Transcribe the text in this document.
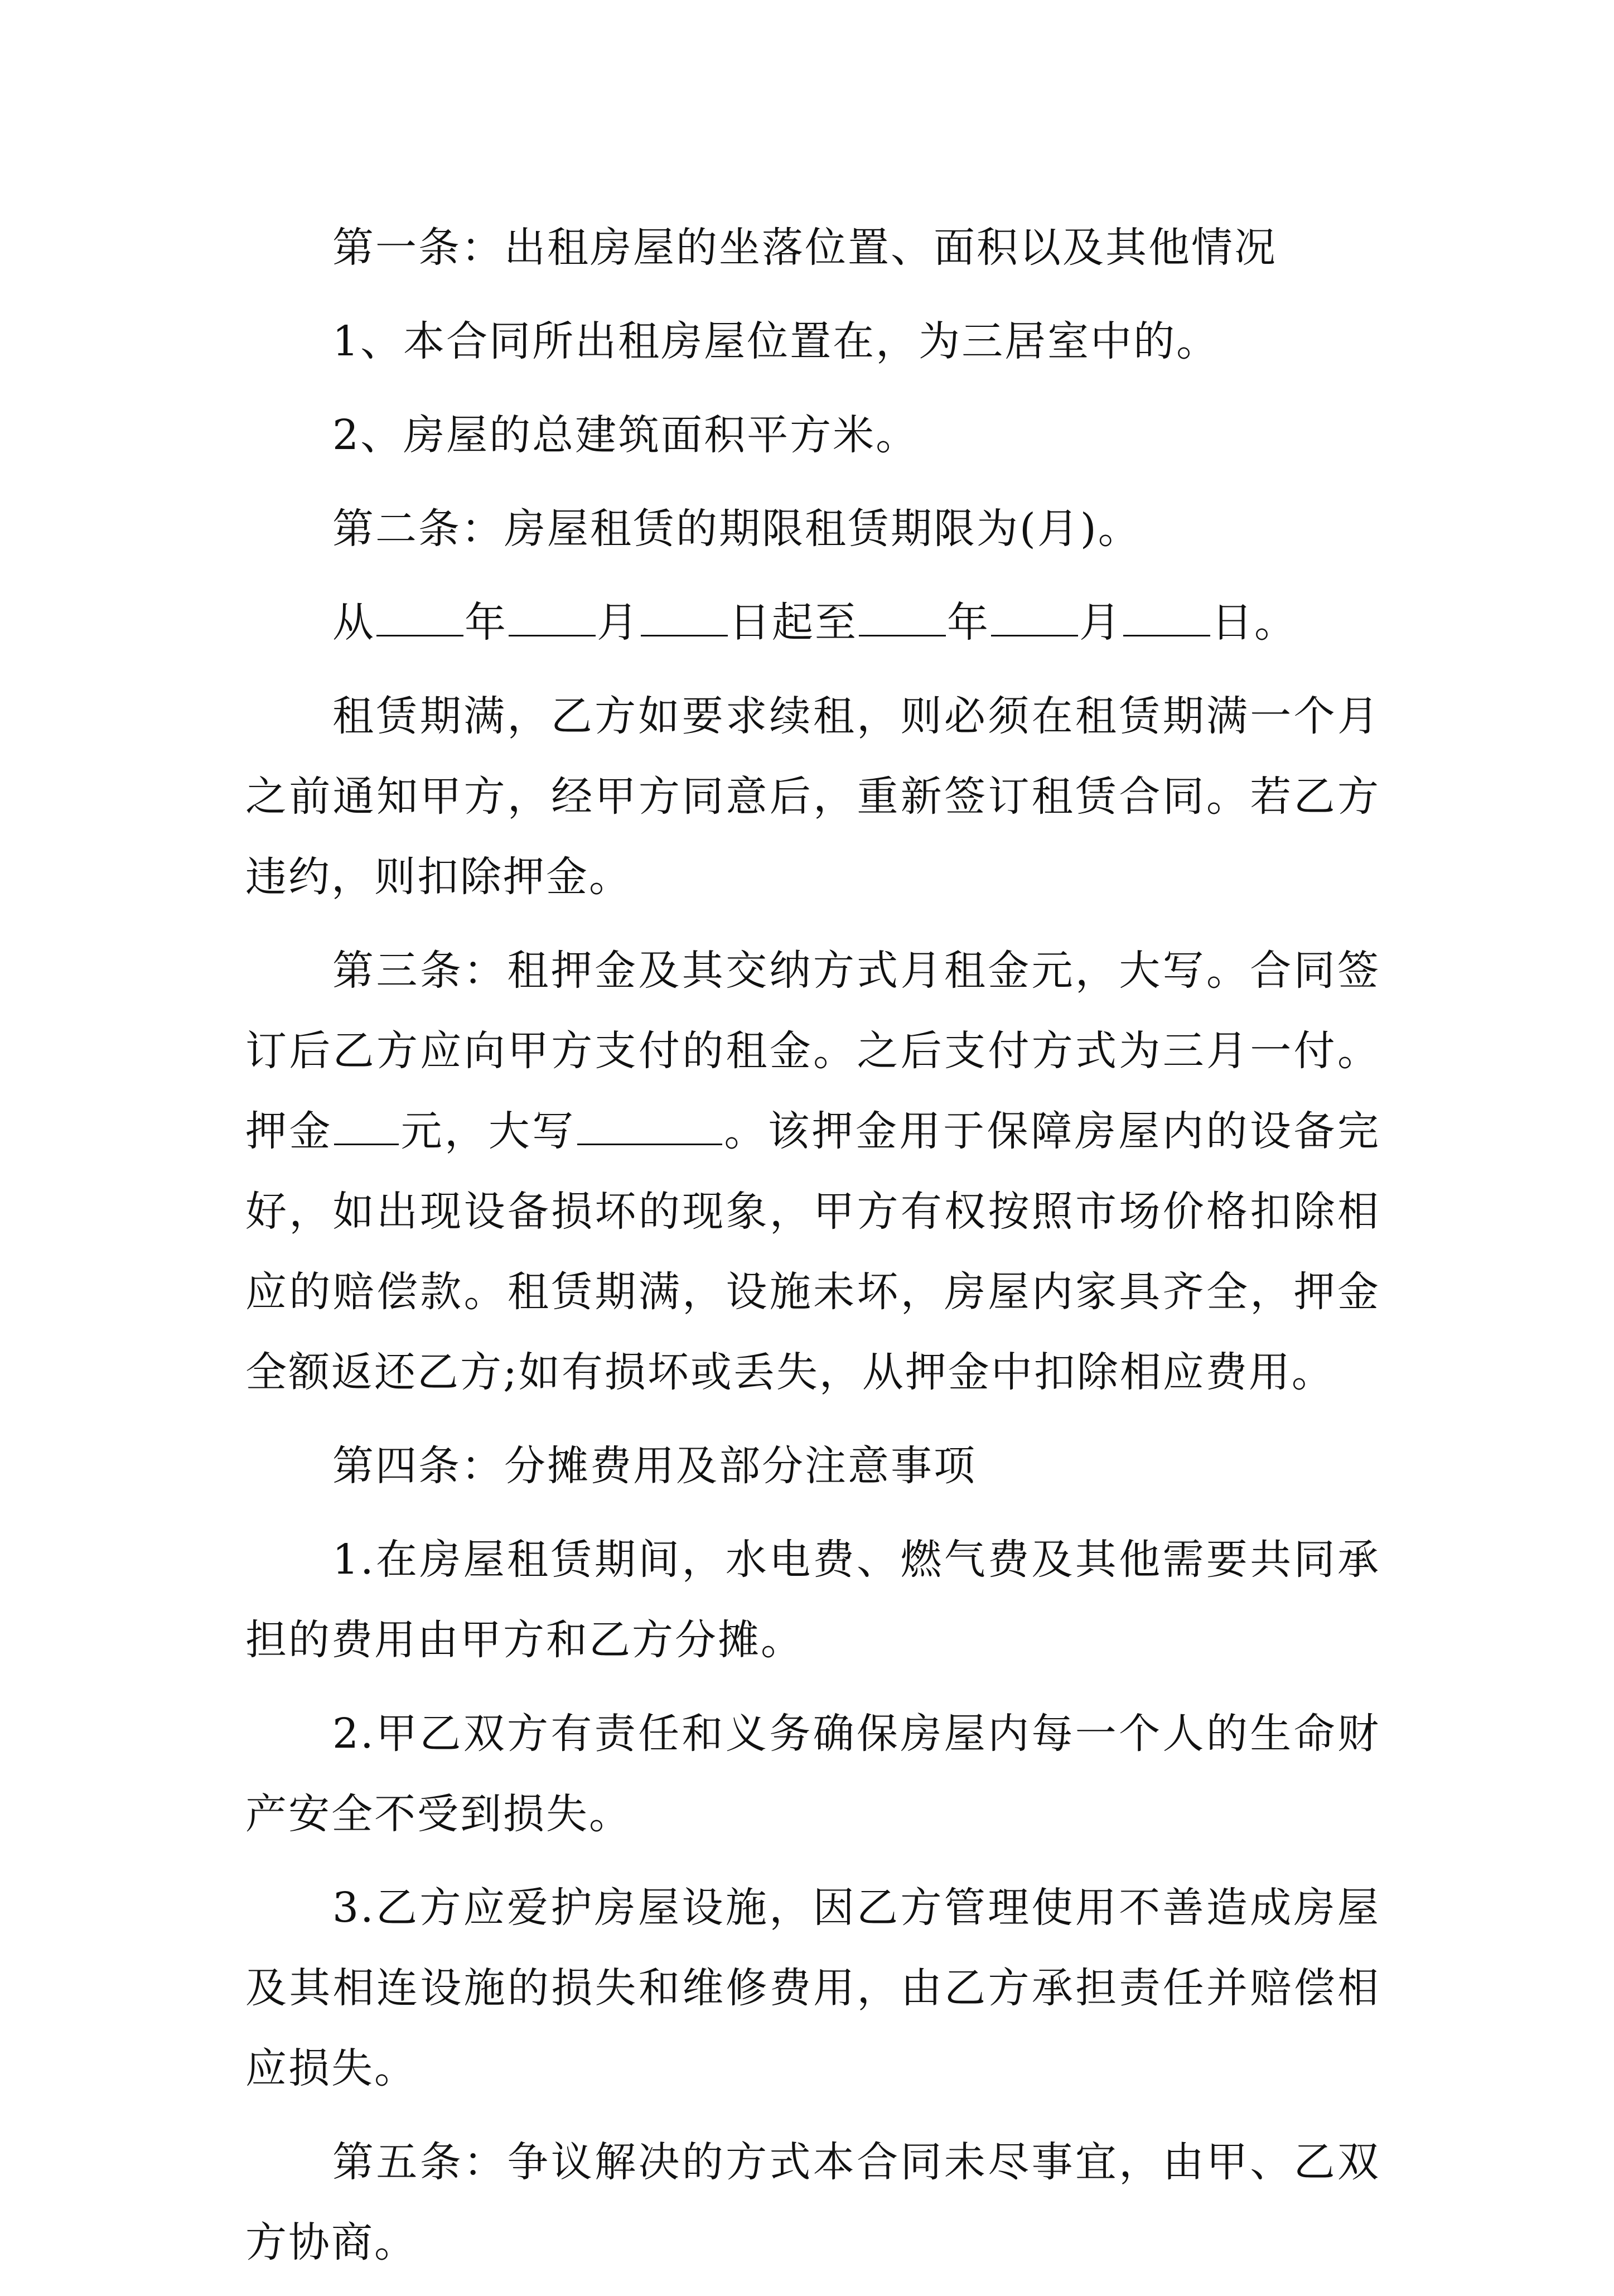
第一条：出租房屋的坐落位置、面积以及其他情况

1、本合同所出租房屋位置在，为三居室中的。

2、房屋的总建筑面积平方米。

第二条：房屋租赁的期限租赁期限为(月)。

从 年 月 日起至 年 月 日。

租赁期满，乙方如要求续租，则必须在租赁期满一个月之前通知甲方，经甲方同意后，重新签订租赁合同。若乙方违约，则扣除押金。

第三条：租押金及其交纳方式月租金元，大写。合同签订后乙方应向甲方支付的租金。之后支付方式为三月一付。押金 元，大写	。该押金用于保障房屋内的设备完好，如出现设备损坏的现象，甲方有权按照市场价格扣除相应的赔偿款。租赁期满，设施未坏，房屋内家具齐全，押金全额返还乙方;如有损坏或丢失，从押金中扣除相应费用。

第四条：分摊费用及部分注意事项

1.在房屋租赁期间，水电费、燃气费及其他需要共同承担的费用由甲方和乙方分摊。

2.甲乙双方有责任和义务确保房屋内每一个人的生命财产安全不受到损失。

3.乙方应爱护房屋设施，因乙方管理使用不善造成房屋及其相连设施的损失和维修费用，由乙方承担责任并赔偿相应损失。

第五条：争议解决的方式本合同未尽事宜，由甲、乙双方协商。
